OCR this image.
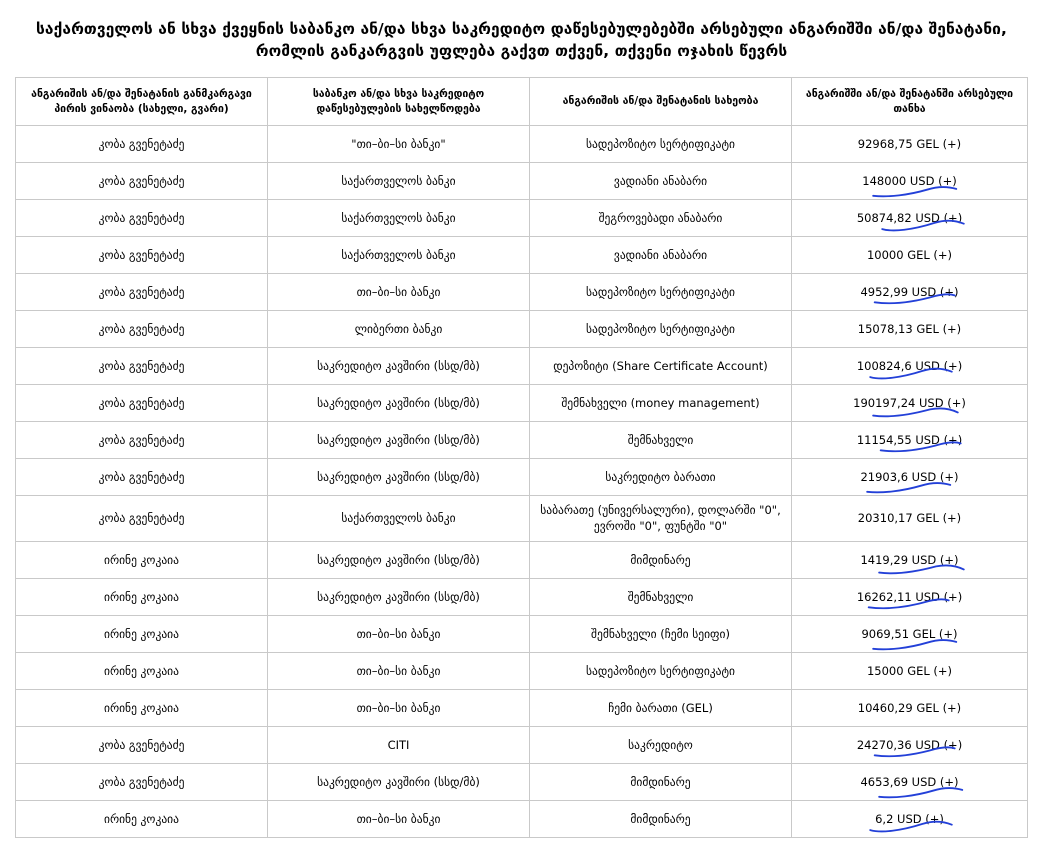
საქართველოს ან სხვა ქვეყნის საბანკო ან/და სხვა საკრედიტო დაწესებულებებში არსებული ანგარიშში ან/და შენატანი,
რომლის განკარგვის უფლება გაქვთ თქვენ, თქვენი ოჯახის წევრს
ანგარიშის ან/და შენატანის განმკარგავი პირის ვინაობა (სახელი, გვარი)	საბანკო ან/და სხვა საკრედიტო დაწესებულების სახელწოდება	ანგარიშის ან/და შენატანის სახეობა	ანგარიშში ან/და შენატანში არსებული თანხა
კობა გვენეტაძე	"თი–ბი–სი ბანკი"	სადეპოზიტო სერტიფიკატი	92968,75 GEL (+)
კობა გვენეტაძე	საქართველოს ბანკი	ვადიანი ანაბარი	148000 USD (+)

კობა გვენეტაძე	საქართველოს ბანკი	შეგროვებადი ანაბარი	50874,82 USD (+)

კობა გვენეტაძე	საქართველოს ბანკი	ვადიანი ანაბარი	10000 GEL (+)
კობა გვენეტაძე	თი–ბი–სი ბანკი	სადეპოზიტო სერტიფიკატი	4952,99 USD (+)

კობა გვენეტაძე	ლიბერთი ბანკი	სადეპოზიტო სერტიფიკატი	15078,13 GEL (+)
კობა გვენეტაძე	საკრედიტო კავშირი (სსდ/მბ)	დეპოზიტი (Share Certificate Account)	100824,6 USD (+)

კობა გვენეტაძე	საკრედიტო კავშირი (სსდ/მბ)	შემნახველი (money management)	190197,24 USD (+)

კობა გვენეტაძე	საკრედიტო კავშირი (სსდ/მბ)	შემნახველი	11154,55 USD (+)

კობა გვენეტაძე	საკრედიტო კავშირი (სსდ/მბ)	საკრედიტო ბარათი	21903,6 USD (+)

კობა გვენეტაძე	საქართველოს ბანკი	საბარათე (უნივერსალური), დოლარში "0", ევროში "0", ფუნტში "0"	20310,17 GEL (+)
ირინე კოკაია	საკრედიტო კავშირი (სსდ/მბ)	მიმდინარე	1419,29 USD (+)

ირინე კოკაია	საკრედიტო კავშირი (სსდ/მბ)	შემნახველი	16262,11 USD (+)

ირინე კოკაია	თი–ბი–სი ბანკი	შემნახველი (ჩემი სეიფი)	9069,51 GEL (+)

ირინე კოკაია	თი–ბი–სი ბანკი	სადეპოზიტო სერტიფიკატი	15000 GEL (+)
ირინე კოკაია	თი–ბი–სი ბანკი	ჩემი ბარათი (GEL)	10460,29 GEL (+)
კობა გვენეტაძე	CITI	საკრედიტო	24270,36 USD (+)

კობა გვენეტაძე	საკრედიტო კავშირი (სსდ/მბ)	მიმდინარე	4653,69 USD (+)

ირინე კოკაია	თი–ბი–სი ბანკი	მიმდინარე	6,2 USD (+)
